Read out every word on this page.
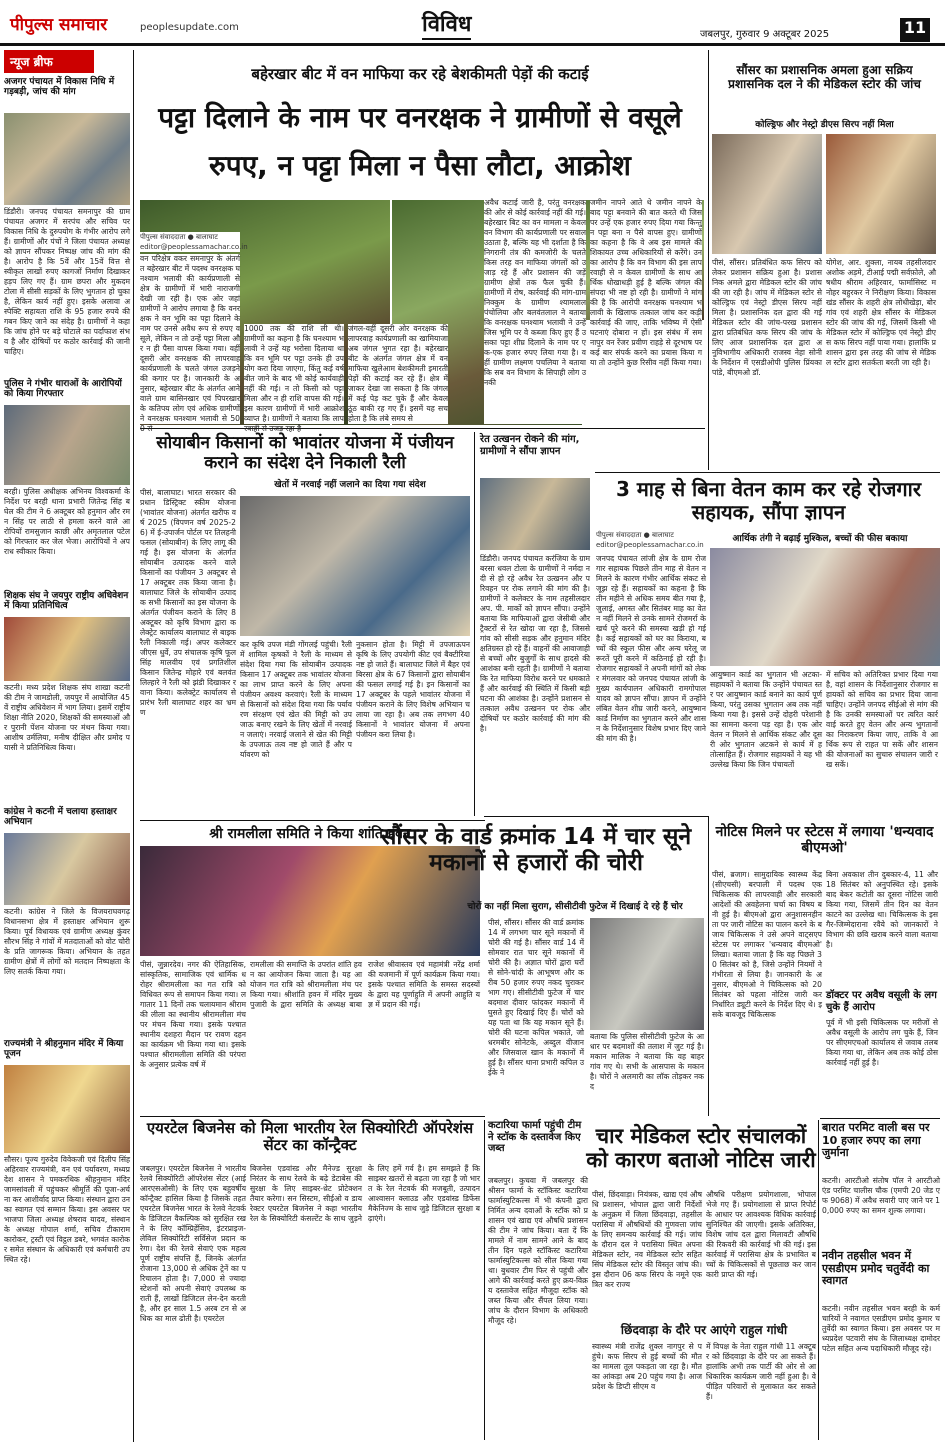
पीपुल्स समाचार	peoplesupdate.com	विविध	जबलपुर, गुरुवार 9 अक्टूबर 2025	11
न्यूज ब्रीफ
अजगर पंचायत में विकास निधि में गड़बड़ी, जांच की मांग
डिंडौरी। जनपद पंचायत समनापुर की ग्राम पंचायत अजगर में सरपंच और सचिव पर विकास निधि के दुरुपयोग के गंभीर आरोप लगे हैं। ग्रामीणों और पंचों ने जिला पंचायत अध्यक्ष को ज्ञापन सौंपकर निष्पक्ष जांच की मांग की है। आरोप है कि 5वें और 15वें वित्त से स्वीकृत लाखों रुपए कागजों निर्माण दिखाकर हड़प लिए गए हैं। ग्राम छपरा और मुकदम टोला में सीसी सड़कों के लिए भुगतान हो चुका है, लेकिन कार्य नहीं हुए। इसके अलावा अस्पेक्टि सहायता राशि के 95 हजार रुपये की गबन किए जाने का संदेह है। ग्रामीणों ने कहा कि जांच होने पर बड़े घोटाले का पर्दाफाश संभव है और दोषियों पर कठोर कार्रवाई की जानी चाहिए।
पुलिस ने गंभीर धाराओं के आरोपियों को किया गिरफ्तार
बरही। पुलिस अधीक्षक अभिनय विश्वकर्मा के निर्देश पर बरही थाना प्रभारी जितेन्द्र सिंह बघेल की टीम ने 6 अक्टूबर को हनुमान और रमन सिंह पर लाठी से हमला करने वाले आरोपियों रामसुजान काछी और अमृतलाल पटेल को गिरफ्तार कर जेल भेजा। आरोपियों ने अपराध स्वीकार किया।
शिक्षक संघ ने जयपुर राष्ट्रीय अधिवेशन में किया प्रतिनिधित्व
कटनी। मध्य प्रदेश शिक्षक संघ शाखा कटनी की टीम ने जामडोली, जयपुर में आयोजित 45वें राष्ट्रीय अधिवेशन में भाग लिया। इसमें राष्ट्रीय शिक्षा नीति 2020, शिक्षकों की समस्याओं और पुरानी पेंशन योजना पर मंथन किया गया। आशीष उर्मलिया, मनीष दीक्षित और प्रमोद पयासी ने प्रतिनिधित्व किया।
कांग्रेस ने कटनी में चलाया हस्ताक्षर अभियान
कटनी। कांग्रेस ने जिले के विजयराघवगढ़ विधानसभा क्षेत्र में हस्ताक्षर अभियान शुरू किया। पूर्व विधायक एवं ग्रामीण अध्यक्ष कुंवर सौरभ सिंह ने गांवों में मतदाताओं को वोट चोरी के प्रति जागरूक किया। अभियान के तहत ग्रामीण क्षेत्रों में लोगों को मतदान निष्पक्षता के लिए सतर्क किया गया।
राज्यमंत्री ने श्रीहनुमान मंदिर में किया पूजन
सौसर। पूज्य गुरुदेव विवेकजी एवं दिलीप सिंह अहिरवार राज्यमंत्री, वन एवं पर्यावरण, मध्यप्रदेश शासन ने पमकरथिक श्रीहनुमान मंदिर जामसांवली में पहुंचकर श्रीमूर्ति की पूजा-अर्चना कर आशीर्वाद प्राप्त किया। संस्थान द्वारा उनका स्वागत एवं सम्मान किया। इस अवसर पर भाजपा जिला अध्यक्ष शेषराव यादव, संस्थान के अध्यक्ष गोपाल शर्मा, सचिव टीकाराम कारोकर, ट्रस्टी एवं विट्ठल डबरे, भगवंत कारोकर समेत संस्थान के अधिकारी एवं कर्मचारी उपस्थित रहे।
बहेरखार बीट में वन माफिया कर रहे बेशकीमती पेड़ों की कटाई
पट्टा दिलाने के नाम पर वनरक्षक ने ग्रामीणों से वसूले रुपए, न पट्टा मिला न पैसा लौटा, आक्रोश
पीपुल्स संवाददाता ● बालाघाट
editor@peoplessamachar.co.in
वन परिक्षेत्र वकर समनापुर के अंतर्गत बहेरखार बीट में पदस्थ वनरक्षक घनश्याम भलावी की कार्यप्रणाली से क्षेत्र के ग्रामीणों में भारी नाराजगी देखी जा रही है। एक ओर जहां ग्रामीणों ने आरोप लगाया है कि वनरक्षक ने वन भूमि का पट्टा दिलाने के नाम पर उनसे अवैध रूप से रुपए वसूले, लेकिन न तो उन्हें पट्टा मिला और न ही पैसा वापस किया गया। वहीं दूसरी ओर वनरक्षक की लापरवाह कार्यप्रणाली के चलते जंगल उजड़ने की कगार पर है। जानकारी के अनुसार, बहेरखार बीट के अंतर्गत आने वाले ग्राम बासिनखार एवं पिपरखार के कतिपय लोग एवं अधिक ग्रामीणों ने वनरक्षक घनश्याम भलावी से 50
1000 तक की राशि ली थी। ग्रामीणों का कहना है कि घनश्याम भलावी ने उन्हें यह भरोसा दिलाया था कि वन भूमि पर पट्टा उनके ही उपयोग करा दिया जाएगा, किंतु कई वर्ष बीत जाने के बाद भी कोई कार्यवाही नहीं की गई। न तो किसी को पट्टा मिला और न ही राशि वापस की गई। इस कारण ग्रामीणों में भारी आक्रोश व्याप्त है। ग्रामीणों ने बताया कि लाप
जंगल-वहीं दूसरी ओर वनरक्षक की लापरवाह कार्यप्रणाली का खामियाजा अब जंगल भुगत रहा है। बहेरखार बीट के अंतर्गत जंगल क्षेत्र में वन माफिया खुलेआम बेशकीमती इमारती पेड़ों की कटाई कर रहे हैं। क्षेत्र में जाकर देखा जा सकता है कि जंगल में कई पेड़ कट चुके हैं और केवल ठूंठ बाकी रह गए हैं। इसमें यह सच होता है कि लंबे समय से
अवैध कटाई जारी है, परंतु वनरक्षक की ओर से कोई कार्रवाई नहीं की गई। बहेरखार बिट का वन मामला न केवल वन विभाग की कार्यप्रणाली पर सवाल उठाता है, बल्कि यह भी दर्शाता है कि निगरानी तंत्र की कमजोरी के चलते किस तरह वन माफिया जंगलों को उजाड़ रहे हैं और प्रशासन की जड़ें ग्रामीण क्षेत्रों तक फैल चुकी हैं। ग्रामीणों में रोष, कार्रवाई की मांग-ग्राम निक्कुम के ग्रामीण श्यामलाल पंचोलिया और बलवंतलाल ने बताया कि वनरक्षक घनश्याम भलावी ने उन्हें जिस भूमि पर वे कब्जा किए हुए हैं उसका पट्टा शीघ्र दिलाने के नाम पर एक-एक हजार रुपए लिया गया है। वहीं ग्रामीण लक्ष्मण पचलिया ने बताया कि सब वन विभाग के सिपाही लोग उनकी
जमीन नापने आते थे जमीन नापने के बाद पट्टा बनवाने की बात करते थी जिस पर उन्हें एक हजार रुपए दिया गया किन्तु न पट्टा बना न पैसे वापस हुए। ग्रामीणों का कहना है कि वे अब इस मामले की शिकायत उच्च अधिकारियों से करेंगे। उनका आरोप है कि वन विभाग की इस लापरवाही से न केवल ग्रामीणों के साथ आर्थिक धोखाधड़ी हुई है बल्कि जंगल की संपदा भी नष्ट हो रही है। ग्रामीणों ने मांग की है कि आरोपी वनरक्षक घनश्याम भलावी के खिलाफ तत्काल जांच कर कड़ी कार्रवाई की जाए, ताकि भविष्य में ऐसी घटनाएं दोबारा न हों। इस संबंध में समनापुर वन रेंजर प्रवीण राहडे़ से दूरभाष पर कई बार संपर्क करने का प्रयास किया गया तो उन्होंने कुछ रिसीव नहीं किया गया।
सोयाबीन किसानों को भावांतर योजना में पंजीयन कराने का संदेश देने निकाली रैली
खेतों में नरवाई नहीं जलाने का दिया गया संदेश
पीसं, बालाघाट। भारत सरकार की प्रधान डिस्ट्रिक्ट स्कीम योजना (भावांतर योजना) अंतर्गत खरीफ वर्ष 2025 (विपणन वर्ष 2025-26) में ई-उपार्जन पोर्टल पर तिलहनी फसल (सोयाबीन) के लिए लागू की गई है। इस योजना के अंतर्गत सोयाबीन उत्पादक करने वाले किसानों का पंजीयन 3 अक्टूबर से 17 अक्टूबर तक किया जाना है। बालाघाट जिले के सोयाबीन उत्पादक सभी किसानों का इस योजना के अंतर्गत पंजीयन कराने के लिए 8 अक्टूबर को कृषि विभाग द्वारा कलेक्ट्रेट कार्यालय बालाघाट से बाइक रैली निकाली गई। अपर कलेक्टर जीएस धुर्वे, उप संचालक कृषि फूलसिंह मालवीय एवं प्रगतिशील किसान जितेन्द्र मोहारे एवं बलवंत लिल्हारे ने रैली को झंडी दिखाकर रवाना किया। कलेक्ट्रेट कार्यालय से प्रारंभ रैली बालाघाट शहर का भ्रमण
कर कृषि उपज मंडी गोंगलई पहुंची। रैली में शामिल कृषकों ने रैली के माध्यम से संदेश दिया गया कि सोयाबीन उत्पादक किसान 17 अक्टूबर तक भावांतर योजना का लाभ प्राप्त करने के लिए अपना पंजीयन अवश्य करवाएं। रैली के माध्यम से किसानों को संदेश दिया गया कि पर्यावरण संरक्षण एवं खेत की मिट्टी को उपजाऊ बनाए रखने के लिए खेतों में नरवाई न जलाएं। नरवाई जलाने से खेत की मिट्टी के उपजाऊ तत्व नष्ट हो जाते हैं और पर्यावरण को
नुकसान होता है। मिट्टी में उपजाऊपन कृषि के लिए उपयोगी कीट एवं बैक्टीरिया नष्ट हो जाते हैं। बालाघाट जिले में बैहर एवं बिरसा क्षेत्र के 67 किसानों द्वारा सोयाबीन की फसल लगाई गई है। इन किसानों का 17 अक्टूबर के पहले भावांतर योजना में पंजीयन कराने के लिए विशेष अभियान चलाया जा रहा है। अब तक लगभग 40 किसानों ने भावांतर योजना में अपना पंजीयन करा लिया है।
रेत उत्खनन रोकने की मांग, ग्रामीणों ने सौंपा ज्ञापन
डिंडौरी। जनपद पंचायत करंजिया के ग्राम बरसा धवल टोला के ग्रामीणों ने नर्मदा नदी से हो रहे अवैध रेत उत्खनन और परिवहन पर रोक लगाने की मांग की है। ग्रामीणों ने कलेक्टर के नाम तहसीलदार अप. पी. मार्को को ज्ञापन सौंपा। उन्होंने बताया कि माफियाओं द्वारा जेसीबी और ट्रैक्टरों से रेत खोदा जा रहा है, जिससे गांव को सीसी सड़क और हनुमान मंदिर क्षतिग्रस्त हो रहे हैं। वाहनों की आवाजाही से बच्चों और बुजुर्गों के साथ हादसे की आशंका बनी रहती है। ग्रामीणों ने बताया कि रेत माफिया विरोध करने पर धमकाते हैं और कार्रवाई की स्थिति में किसी बड़ी घटना की आशंका है। उन्होंने प्रशासन से तत्काल अवैध उत्खनन पर रोक और दोषियों पर कठोर कार्रवाई की मांग की है।
श्री रामलीला समिति ने किया शांति हवन
पीसं, जुन्नारदेव। नगर की ऐतिहासिक, सांस्कृतिक, सामाजिक एवं धार्मिक धरोहर श्रीरामलीला का गत रात्रि को विधिवत रूप से समापन किया गया। लगातार 11 दिनों तक चलायमान श्रीराम की लीला का स्थानीय श्रीरामलीला मंच पर मंचन किया गया। इसके पश्चात स्थानीय दशहरा मैदान पर रावण दहन का कार्यक्रम भी किया गया था। इसके पश्चात श्रीरामलीला समिति की परंपरा के अनुसार प्रत्येक वर्ष में
रामलीला की समाप्ति के उपरांत शांति हवन का आयोजन किया जाता है। यह आयोजन गत रात्रि को श्रीरामलीला मंच पर किया गया। श्रीशांति हवन में मंदिर मुख्य पुजारी के द्वारा समिति के अध्यक्ष बाबा राजेश श्रीवास्तव एवं महामंत्री नरेंद्र शर्मा की यजमानी में पूर्ण कार्यक्रम किया गया। इसके पश्चात समिति के समस्त सदस्यों के द्वारा यह पूर्णाहुति में अपनी आहुति यज्ञ में प्रदान की गई।
एयरटेल बिजनेस को मिला भारतीय रेल सिक्योरिटी ऑपरेशंस सेंटर का कॉन्ट्रैक्ट
जबलपुर। एयरटेल बिजनेस ने भारतीय रेलवे सिक्योरिटी ऑपरेशंस सेंटर (आईआरएसओसी) के लिए एक बहुवर्षीय कॉन्ट्रैक्ट हासिल किया है जिसके तहत एयरटेल बिजनेस भारत के रेलवे नेटवर्क के डिजिटल वैकल्पिक को सुरक्षित रखने के लिए कॉम्प्रिहेंसिव, इंटरप्राइज-लेविल सिक्योरिटी सर्विसेज प्रदान करेगा। देश की रेलवे सेवाएं एक महत्वपूर्ण राष्ट्रीय संपत्ति हैं, जिनके अंतर्गत रोजाना 13,000 से अधिक ट्रेनें का परिचालन होता है। 7,000 से ज्यादा स्टेशनों को अपनी सेवाएं उपलब्ध कराती हैं, लाखों डिजिटल लेन-देन करती है, और हर साल 1.5 अरब टन से अधिक का माल ढोती है। एयरटेल
बिजनेस एडवांस्ड और मैनेज्ड सुरक्षा निरंतर के साथ रेलवे के बढ़े डेटाबेस की सुरक्षा के लिए साइबर-थ्रेट प्रोटेक्शन तैयार करेगा। सन सिस्टम, सीईओ व डायरेक्टर एयरटेल बिजनेस ने कहा भारतीय रेल के सिक्योरिटी कंसल्टेंट के साथ जुड़ने के लिए हमें गर्व है। हम समझते हैं कि साइबर खतरों से बढ़ता जा रहा है जो भारत के रेल नेटवर्क की मजबूती, उत्पादन आश्वासन क्लाउड और एडवांस्ड डिफेंस मैकेनिज्म के साथ जुड़े डिजिटल सुरक्षा बढ़ाएंगे।
कटारिया फार्मा पहुंची टीम ने स्टॉक के दस्तावेज किए जब्त
जबलपुर। कुचवा में जबलपुर की श्रीसन फार्मा के स्टॉकिस्ट कटारिया फार्मास्युटिकल्स में भी कंपनी द्वारा निर्मित अन्य दवाओं के स्टॉक को प्रशासन एवं खाद्य एवं औषधि प्रशासन की टीम ने जांच किया। बता दें कि मामले में नाम सामने आने के बाद तीन दिन पहले स्टॉकिस्ट कटारिया फार्मास्युटिकल्स को सील किया गया था। बुधवार टीम फिर से पहुंची और आगे की कार्रवाई करते हुए क्रय-विक्रय दस्तावेज सहित मौजूदा स्टॉक को जब्त किया और सैंपल लिया गया। जांच के दौरान विभाग के अधिकारी मौजूद रहे।
सौंसर का प्रशासनिक अमला हुआ सक्रिय प्रशासनिक दल ने की मेडिकल स्टोर की जांच
कोल्ड्रिफ और नेस्ट्रो डीएस सिरप नहीं मिला
पीसं, सौंसर। प्रतिबंधित कफ सिरप को लेकर प्रशासन सक्रिय हुआ है। प्रशासनिक अमले द्वारा मेडिकल स्टोर की जांच की जा रही है। जांच में मेडिकल स्टोर से कोल्ड्रिफ एवं नेस्ट्रो डीएस सिरप नहीं मिला है। प्रशासनिक दल द्वारा की गई मेडिकल स्टोर की जांच-परख प्रशासन द्वारा प्रतिबंधित कफ सिरप की जांच के लिए आज प्रशासनिक दल द्वारा अनुविभागीय अधिकारी राजस्व नेहा सोनी के निर्देशन में एसडीओपी पुलिस प्रिंयका पांडे, बीएमओ डॉ.
योगेश, आर. शुक्ला, नायब तहसीलदार अशोक अड़मे, टीआई पद्मी सर्वफ़ोले, औषधीय श्रीराम अहिरवार, फार्मासिस्ट मनोहर बहुरकर ने निरीक्षण किया। विकासखंड सौंसर के शहरी क्षेत्र लोधीखेड़ा, बोरगांव एवं शहरी क्षेत्र सौंसर के मेडिकल स्टोर की जांच की गई, जिसमें किसी भी मेडिकल स्टोर में कोल्ड्रिफ एवं नेस्ट्रो डीएस कफ सिरप नहीं पाया गया। हालांकि प्रशासन द्वारा इस तरह की जांच से मेडिकल स्टोर द्वारा सतर्कता बरती जा रही है।
3 माह से बिना वेतन काम कर रहे रोजगार सहायक, सौंपा ज्ञापन
आर्थिक तंगी ने बढ़ाई मुश्किल, बच्चों की फीस बकाया
पीपुल्स संवाददाता ● बालाघाट
editor@peoplessamachar.co.in
जनपद पंचायत लांजी क्षेत्र के ग्राम रोजगार सहायक पिछले तीन माह से वेतन न मिलने के कारण गंभीर आर्थिक संकट से जूझ रहे हैं। सहायकों का कहना है कि तीन महीने से अधिक समय बीत गया है, जुलाई, अगस्त और सितंबर माह का वेतन नहीं मिलने से उनके सामने रोजमर्रा के खर्च पूरे करने की समस्या खड़ी हो गई है। कई सहायकों को घर का किराया, बच्चों की स्कूल फीस और अन्य घरेलू जरूरतें पूरी करने में कठिनाई हो रही है। रोजगार सहायकों ने अपनी मांगों को लेकर मंगलवार को जनपद पंचायत लांजी के मुख्य कार्यपालन अधिकारी रामगोपाल यादव को ज्ञापन सौंपा। ज्ञापन में उन्होंने लंबित वेतन शीघ्र जारी करने, आयुष्मान कार्ड निर्माण का भुगतान करने और शासन के निर्देशानुसार विशेष प्रभार दिए जाने की मांग की है।
आयुष्मान कार्ड का भुगतान भी अटका- सहायकों ने बताया कि उन्होंने पंचायत स्तर पर आयुष्मान कार्ड बनाने का कार्य पूर्ण किया, परंतु उसका भुगतान अब तक नहीं किया गया है। इससे उन्हें दोहरी परेशानी का सामना करना पड़ रहा है। एक ओर वेतन न मिलने से आर्थिक संकट और दूसरी ओर भुगतान अटकने से कार्य में हतोत्साहित हैं। रोजगार सहायकों ने यह भी उल्लेख किया कि जिन पंचायतों
में सचिव को अतिरिक्त प्रभार दिया गया है, वहां शासन के निर्देशानुसार रोजगार सहायकों को सचिव का प्रभार दिया जाना चाहिए। उन्होंने जनपद सीईओ से मांग की है कि उनकी समस्याओं पर त्वरित कार्रवाई करते हुए वेतन और अन्य भुगतानों का निराकरण किया जाए, ताकि वे आर्थिक रूप से राहत पा सकें और शासन की योजनाओं का सुचारु संचालन जारी रख सकें।
सौंसर के वार्ड क्रमांक 14 में चार सूने मकानों से हजारों की चोरी
चोरों का नहीं मिला सुराग, सीसीटीवी फुटेज में दिखाई दे रहे हैं चोर
पीसं, सौंसर। सौंसर की वार्ड क्रमांक 14 में लगभग चार सूने मकानों में चोरी की गई है। सौंसर वार्ड 14 में सोमवार रात चार सूने मकानों में चोरी की है। अज्ञात चोरों द्वारा घरों से सोने-चांदी के आभूषण और करीब 50 हजार रुपए नकद चुराकर भाग गए। सीसीटीवी फुटेज में चार बदमाश दीवार फांदकर मकानों में घुसते हुए दिखाई दिए हैं। चोरों को यह पता था कि यह मकान सूने हैं। चोरी की घटना कपिल भकाते, जो धरमबीर सोनेटके, अब्दुल वीजान और जिसवाल खान के मकानों में हुई है। सौंसर थाना प्रभारी कपिल उईके ने
बताया कि पुलिस सीसीटीवी फुटेज के आधार पर बदमाशों की तलाश में जुट गई है। मकान मालिक ने बताया कि वह बाहर गांव गए थे। सभी के आसपास के मकान है। चोरों ने अलमारी का लॉक तोड़कर नकद
नोटिस मिलने पर स्टेटस में लगाया 'धन्यवाद बीएमओ'
पीसं, ब्रजाग। सामुदायिक स्वास्थ्य केंद्र (सीएचसी) बरपाली में पदस्थ एक चिकित्सक की लापरवाही और सरकारी आदेशों की अवहेलना चर्चा का विषय बनी हुई है। बीएमओ द्वारा अनुशासनहीनता पर जारी नोटिस का पालन करने के बजाय चिकित्सक ने उसे अपने वाट्सएप स्टेटस पर लगाकर 'धन्यवाद बीएमओ' लिखा। बताया जाता है कि वह पिछले 30 सितंबर को है, जिसे उन्होंने नियमों ने गंभीरता से लिया है। जानकारी के अनुसार, बीएमओ ने चिकित्सक को 20 सितंबर को पहला नोटिस जारी कर निर्धारित ड्यूटी करने के निर्देश दिए थे। इसके बावजूद चिकित्सक
बिना अवकाश तीन दुबकार-4, 11 और 18 सितंबर को अनुपस्थित रहे। इसके बाद बेकर कटोती का दूसरा नोटिस जारी किया गया, जिसमें तीन दिन का वेतन काटने का उल्लेख था। चिकित्सक के इस गैर-जिम्मेदाराना रवैये को जानकारों ने विभाग की छवि खराब करने वाला बताया है।
डॉक्टर पर अवैध वसूली के लग चुके हैं आरोप
पूर्व में भी इसी चिकित्सक पर मरीजों से अवैध वसूली के आरोप लग चुके हैं, जिन पर सीएमएचओ कार्यालय से जवाब तलब किया गया था, लेकिन अब तक कोई ठोस कार्रवाई नहीं हुई है।
बारात परमिट वाली बस पर 10 हजार रुपए का लगा जुर्माना
कटनी। आरटीओ संतोष पॉल ने आरटीओ एंड परमिट चालीस चौक (एमपी 20 जेड एफ 9068) में अवैध सवारी पाए जाने पर 10,000 रुपए का समन शुल्क लगाया।
नवीन तहसील भवन में एसडीएम प्रमोद चतुर्वेदी का स्वागत
कटनी। नवीन तहसील भवन बरही के कर्मचारियों ने नवागत एसडीएम प्रमोद कुमार चतुर्वेदी का स्वागत किया। इस अवसर पर मध्यप्रदेश पटवारी संघ के जिलाध्यक्ष दामोदर पटेल सहित अन्य पदाधिकारी मौजूद रहे।
चार मेडिकल स्टोर संचालकों को कारण बताओ नोटिस जारी
पीसं, छिंदवाड़ा। नियंत्रक, खाद्य एवं औषधि प्रशासन, भोपाल द्वारा जारी निर्देशों के अनुक्रम में जिला छिंदवाड़ा, तहसील परासिया में औषधियों की गुणवत्ता जांच के लिए समन्वय कार्रवाई की गई। जांच के दौरान दल ने परासिया स्थित अपना मेडिकल स्टोर, नव मेडिकल स्टोर सहित सिंघ मेडिकल स्टोर की विस्तृत जांच की। इस दौरान 06 कफ सिरप के नमूने एकत्रित कर राज्य
औषधि परीक्षण प्रयोगशाला, भोपाल भेजे गए हैं। प्रयोगशाला से प्राप्त रिपोर्ट के आधार पर आवश्यक विधिक कार्रवाई सुनिश्चित की जाएगी। इसके अतिरिक्त, विशेष जांच दल द्वारा मिलावटी औषधि की रिकवरी की कार्रवाई भी की गई। इस कार्रवाई में परासिया क्षेत्र के प्रभावित बच्चों के चिकित्सकों से पूछताछ कर जानकारी प्राप्त की गई।
छिंदवाड़ा के दौरे पर आएंगे राहुल गांधी
स्वास्थ्य मंत्री राजेंद्र शुक्ल नागपुर से पहुंचे। कफ सिरप से हुई बच्चों की मौत का मामला तूल पकड़ता जा रहा है। मौत का आंकड़ा अब 20 पहुंच गया है। आज प्रदेश के डिप्टी सीएम व
में विपक्ष के नेता राहुल गांधी 11 अक्टूबर को छिंदवाड़ा के दौरे पर आ सकते हैं। हालांकि अभी तक पार्टी की ओर से आधिकारिक कार्यक्रम जारी नहीं हुआ है। वे पीड़ित परिवारों से मुलाकात कर सकते हैं।
